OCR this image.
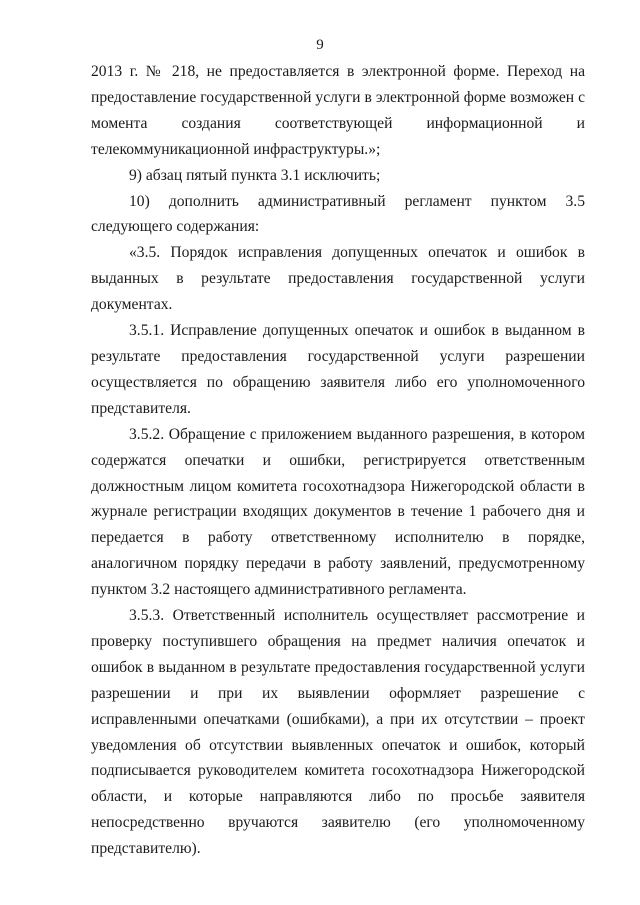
9

2013 г. № 218, не предоставляется в электронной форме. Переход на предоставление государственной услуги в электронной форме возможен с момента создания соответствующей информационной и телекоммуникационной инфраструктуры.»;

9) абзац пятый пункта 3.1 исключить;

10) дополнить административный регламент пунктом 3.5 следующего содержания:

«3.5. Порядок исправления допущенных опечаток и ошибок в выданных в результате предоставления государственной услуги документах.

3.5.1. Исправление допущенных опечаток и ошибок в выданном в результате предоставления государственной услуги разрешении осуществляется по обращению заявителя либо его уполномоченного представителя.

3.5.2. Обращение с приложением выданного разрешения, в котором содержатся опечатки и ошибки, регистрируется ответственным должностным лицом комитета госохотнадзора Нижегородской области в журнале регистрации входящих документов в течение 1 рабочего дня и передается в работу ответственному исполнителю в порядке, аналогичном порядку передачи в работу заявлений, предусмотренному пунктом 3.2 настоящего административного регламента.

3.5.3. Ответственный исполнитель осуществляет рассмотрение и проверку поступившего обращения на предмет наличия опечаток и ошибок в выданном в результате предоставления государственной услуги разрешении и при их выявлении оформляет разрешение с исправленными опечатками (ошибками), а при их отсутствии – проект уведомления об отсутствии выявленных опечаток и ошибок, который подписывается руководителем комитета госохотнадзора Нижегородской области, и которые направляются либо по просьбе заявителя непосредственно вручаются заявителю (его уполномоченному представителю).
